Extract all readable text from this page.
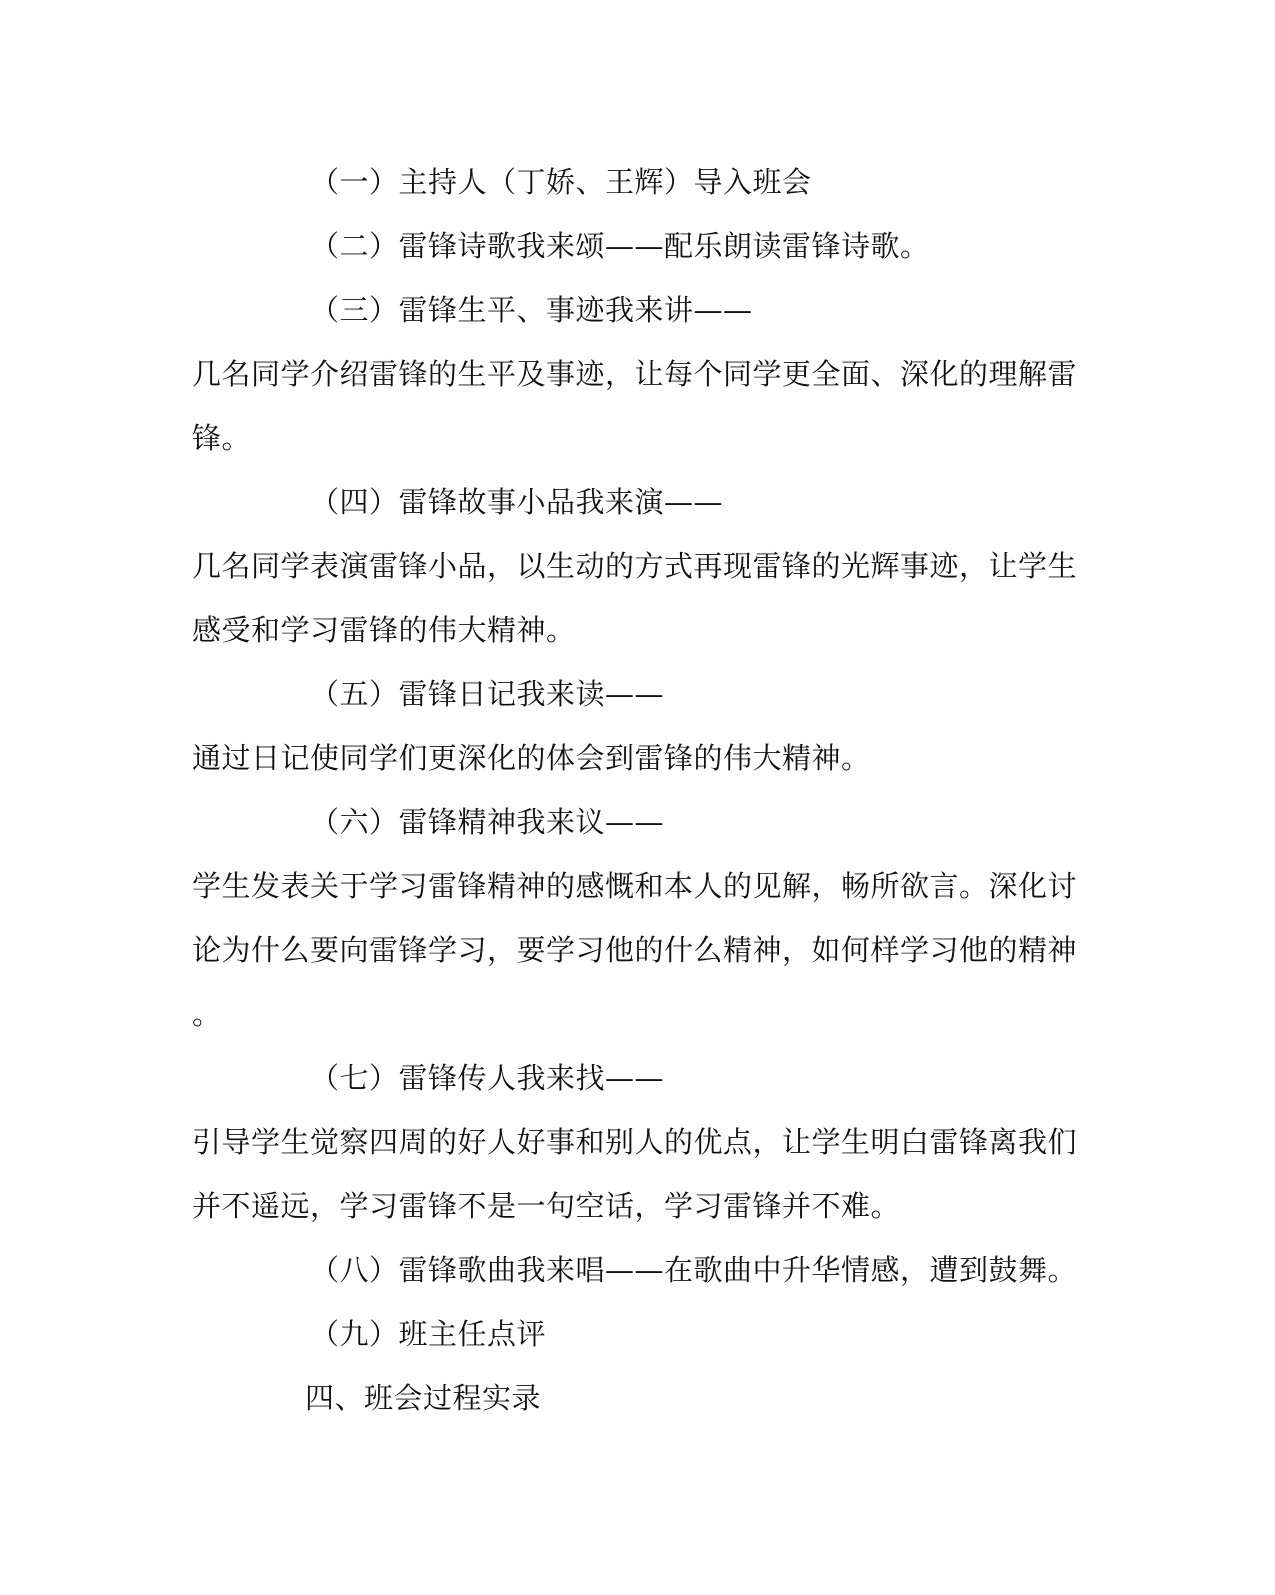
（一）主持人（丁娇、王辉）导入班会
（二）雷锋诗歌我来颂——配乐朗读雷锋诗歌。
（三）雷锋生平、事迹我来讲——
几名同学介绍雷锋的生平及事迹，让每个同学更全面、深化的理解雷
锋。
（四）雷锋故事小品我来演——
几名同学表演雷锋小品，以生动的方式再现雷锋的光辉事迹，让学生
感受和学习雷锋的伟大精神。
（五）雷锋日记我来读——
通过日记使同学们更深化的体会到雷锋的伟大精神。
（六）雷锋精神我来议——
学生发表关于学习雷锋精神的感慨和本人的见解，畅所欲言。深化讨
论为什么要向雷锋学习，要学习他的什么精神，如何样学习他的精神
。
（七）雷锋传人我来找——
引导学生觉察四周的好人好事和别人的优点，让学生明白雷锋离我们
并不遥远，学习雷锋不是一句空话，学习雷锋并不难。
（八）雷锋歌曲我来唱——在歌曲中升华情感，遭到鼓舞。
（九）班主任点评
四、班会过程实录
